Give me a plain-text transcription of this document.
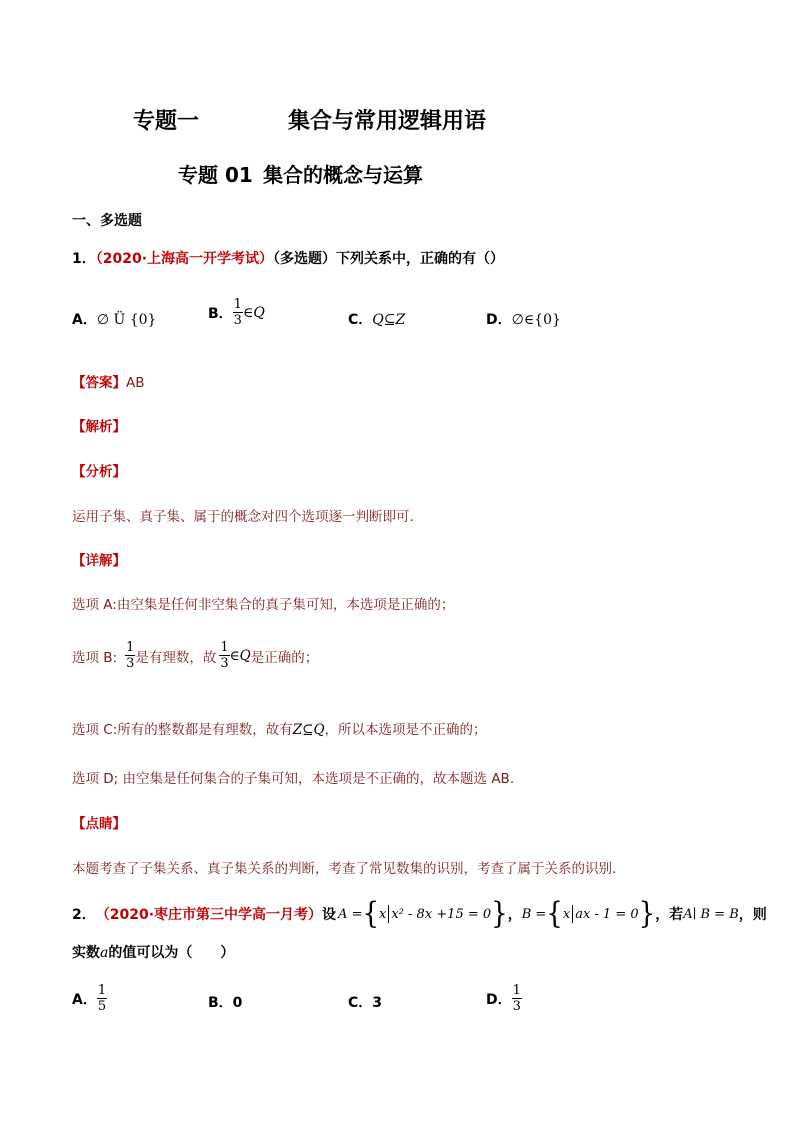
专题一	集合与常用逻辑用语
专题 01 集合的概念与运算
一、多选题
1．（2020·上海高一开学考试）（多选题）下列关系中，正确的有（）
A．∅ Ü {0}	B． $\frac{1}{3}$ ∈Q	C．Q⊆Z	D．∅∈{0}
【答案】AB
【解析】
【分析】
运用子集、真子集、属于的概念对四个选项逐一判断即可.
【详解】
选项 A:由空集是任何非空集合的真子集可知，本选项是正确的；
选项 B: $\frac{1}{3}$ 是有理数，故 $\frac{1}{3}$ ∈Q 是正确的；
选项 C:所有的整数都是有理数，故有Z⊆Q，所以本选项是不正确的；
选项 D; 由空集是任何集合的子集可知，本选项是不正确的，故本题选 AB.
【点睛】
本题考查了子集关系、真子集关系的判断，考查了常见数集的识别，考查了属于关系的识别.
2． （2020·枣庄市第三中学高一月考） 设 A = { x x² - 8x +15 = 0 } ， B = { x ax - 1 = 0 } ，若 A∣ B = B ，则
实数a的值可以为（　　）
A． $\frac{1}{5}$	B．0	C．3	D． $\frac{1}{3}$
